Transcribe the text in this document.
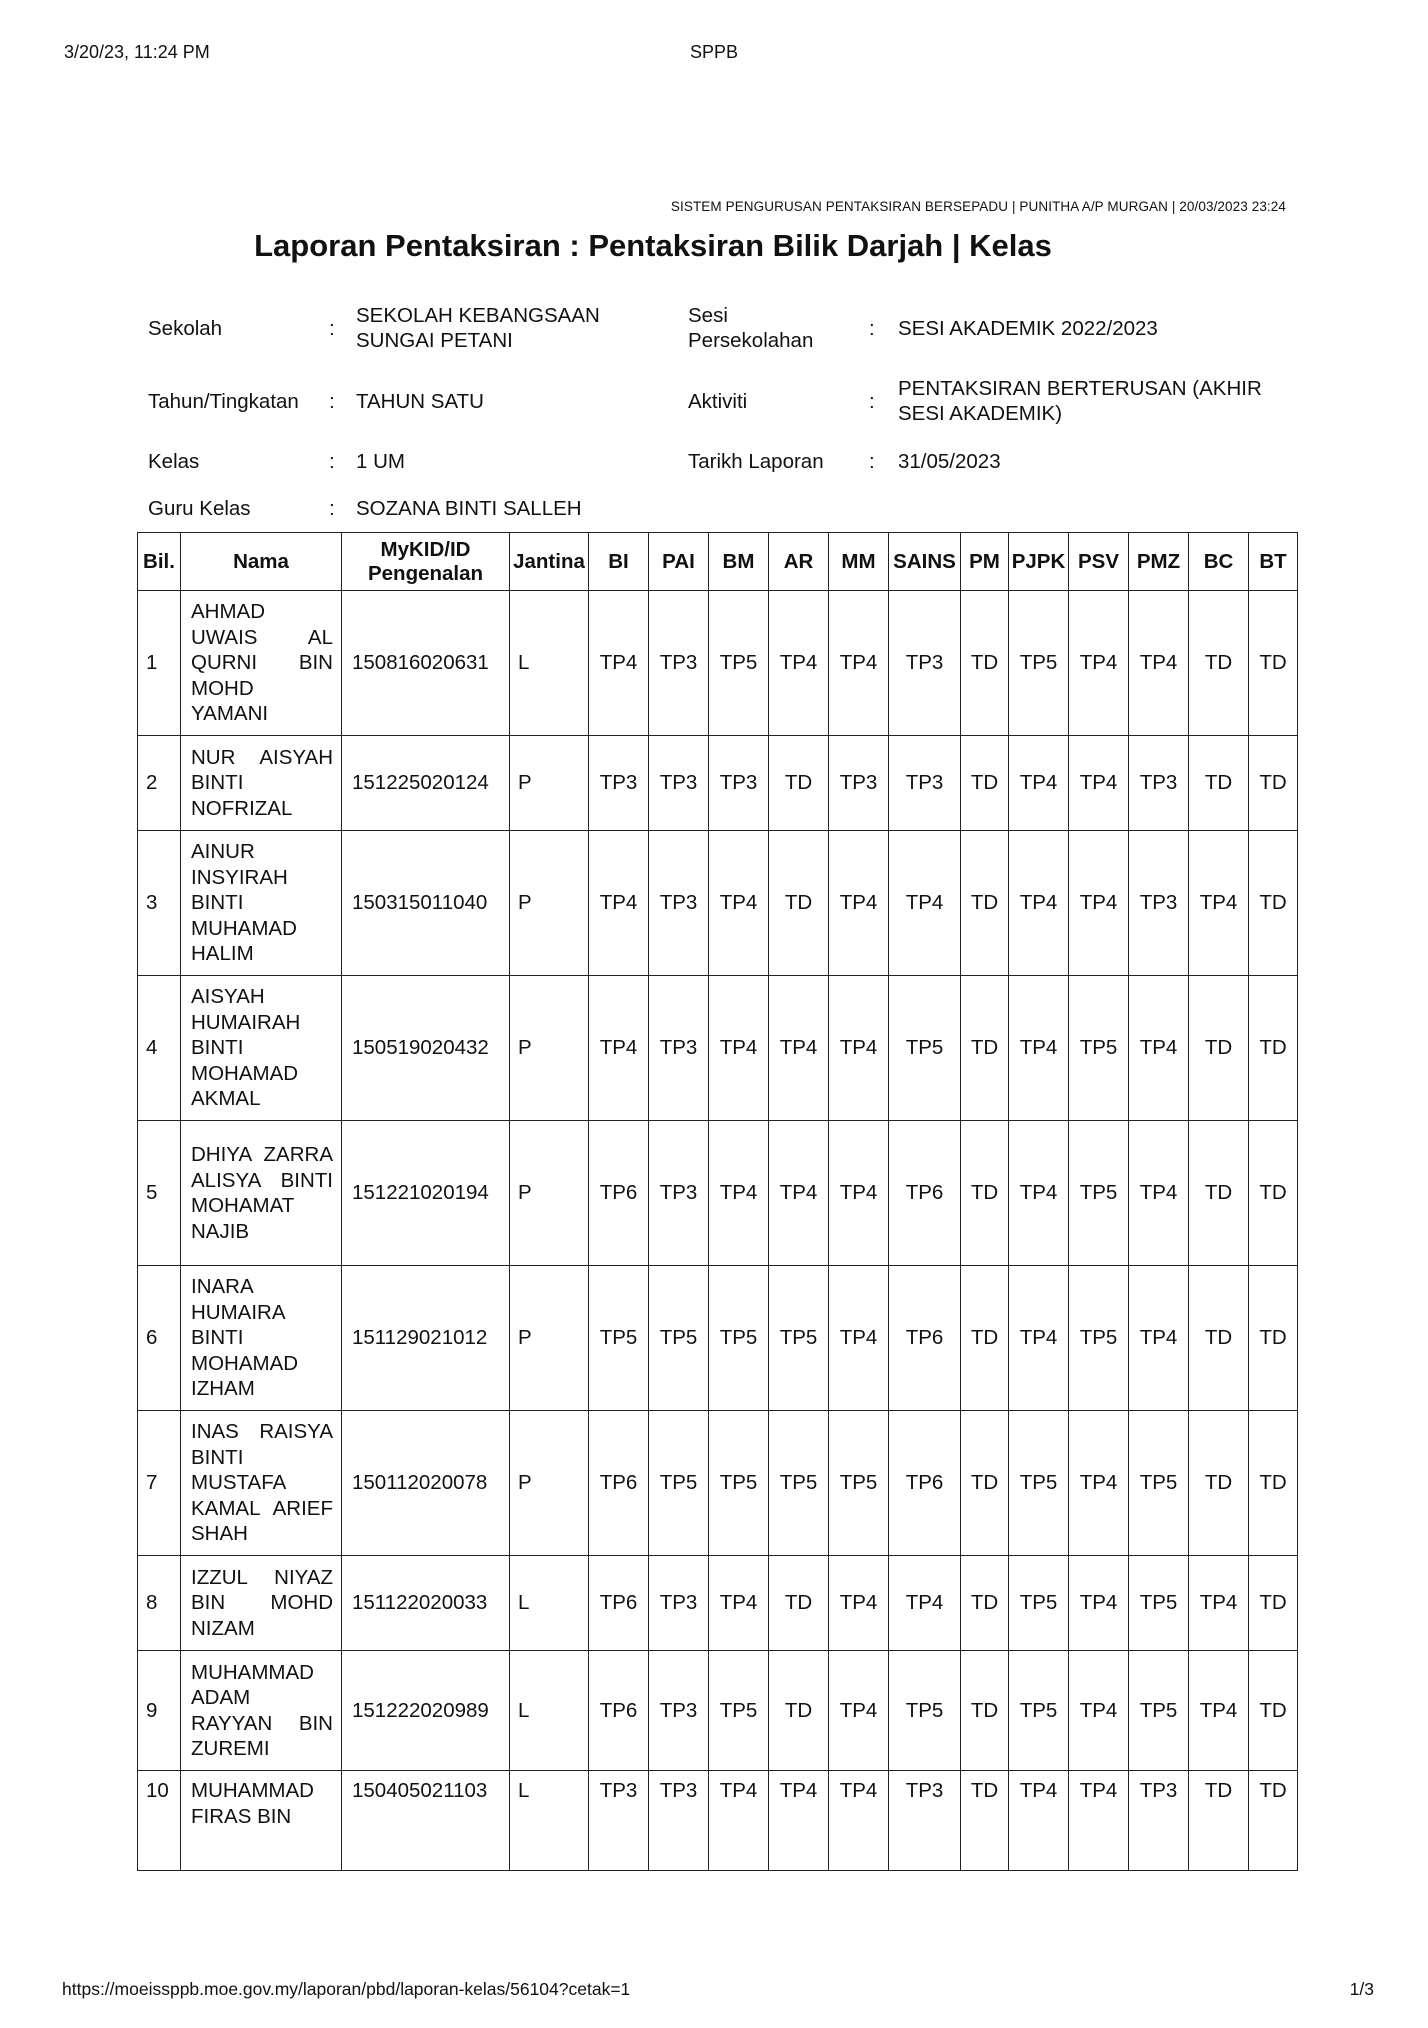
3/20/23, 11:24 PM	SPPB
SISTEM PENGURUSAN PENTAKSIRAN BERSEPADU | PUNITHA A/P MURGAN | 20/03/2023 23:24
Laporan Pentaksiran : Pentaksiran Bilik Darjah | Kelas
Sekolah	:
SEKOLAH KEBANGSAAN SUNGAI PETANI
Sesi Persekolahan
: SESI AKADEMIK 2022/2023
Tahun/Tingkatan : TAHUN SATU	Aktiviti	:
PENTAKSIRAN BERTERUSAN (AKHIR SESI AKADEMIK)
Kelas	: 1 UM	Tarikh Laporan : 31/05/2023
Guru Kelas	: SOZANA BINTI SALLEH
Bil.	Nama	MyKID/ID Pengenalan	Jantina	BI	PAI	BM	AR	MM	SAINS	PM	PJPK	PSV	PMZ	BC	BT
1	AHMAD UWAIS AL QURNI BIN MOHD YAMANI	150816020631	L	TP4	TP3	TP5	TP4	TP4	TP3	TD	TP5	TP4	TP4	TD	TD
2	NUR AISYAH BINTI NOFRIZAL	151225020124	P	TP3	TP3	TP3	TD	TP3	TP3	TD	TP4	TP4	TP3	TD	TD
3	AINUR INSYIRAH BINTI MUHAMAD HALIM	150315011040	P	TP4	TP3	TP4	TD	TP4	TP4	TD	TP4	TP4	TP3	TP4	TD
4	AISYAH HUMAIRAH BINTI MOHAMAD AKMAL	150519020432	P	TP4	TP3	TP4	TP4	TP4	TP5	TD	TP4	TP5	TP4	TD	TD
5	DHIYA ZARRA ALISYA BINTI MOHAMAT NAJIB	151221020194	P	TP6	TP3	TP4	TP4	TP4	TP6	TD	TP4	TP5	TP4	TD	TD
6	INARA HUMAIRA BINTI MOHAMAD IZHAM	151129021012	P	TP5	TP5	TP5	TP5	TP4	TP6	TD	TP4	TP5	TP4	TD	TD
7	INAS RAISYA BINTI MUSTAFA KAMAL ARIEF SHAH	150112020078	P	TP6	TP5	TP5	TP5	TP5	TP6	TD	TP5	TP4	TP5	TD	TD
8	IZZUL NIYAZ BIN MOHD NIZAM	151122020033	L	TP6	TP3	TP4	TD	TP4	TP4	TD	TP5	TP4	TP5	TP4	TD
9	MUHAMMAD ADAM RAYYAN BIN ZUREMI	151222020989	L	TP6	TP3	TP5	TD	TP4	TP5	TD	TP5	TP4	TP5	TP4	TD
10	MUHAMMAD FIRAS BIN	150405021103	L	TP3	TP3	TP4	TP4	TP4	TP3	TD	TP4	TP4	TP3	TD	TD
https://moeissppb.moe.gov.my/laporan/pbd/laporan-kelas/56104?cetak=1	1/3
